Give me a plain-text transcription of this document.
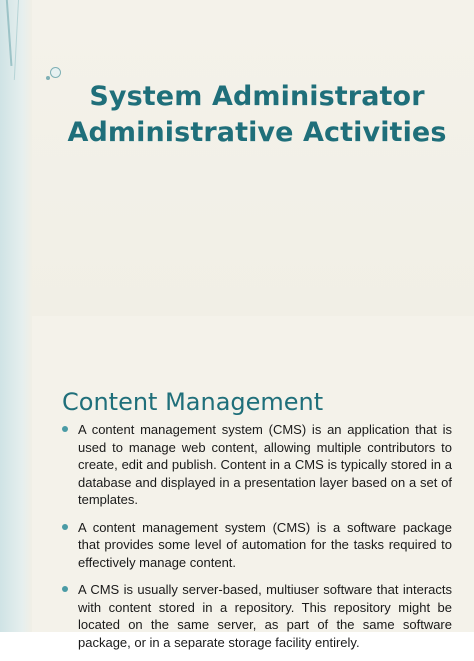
System Administrator
Administrative Activities
Content Management
A content management system (CMS) is an application that is used to manage web content, allowing multiple contributors to create, edit and publish. Content in a CMS is typically stored in a database and displayed in a presentation layer based on a set of templates.
A content management system (CMS) is a software package that provides some level of automation for the tasks required to effectively manage content.
A CMS is usually server-based, multiuser software that interacts with content stored in a repository. This repository might be located on the same server, as part of the same software package, or in a separate storage facility entirely.
